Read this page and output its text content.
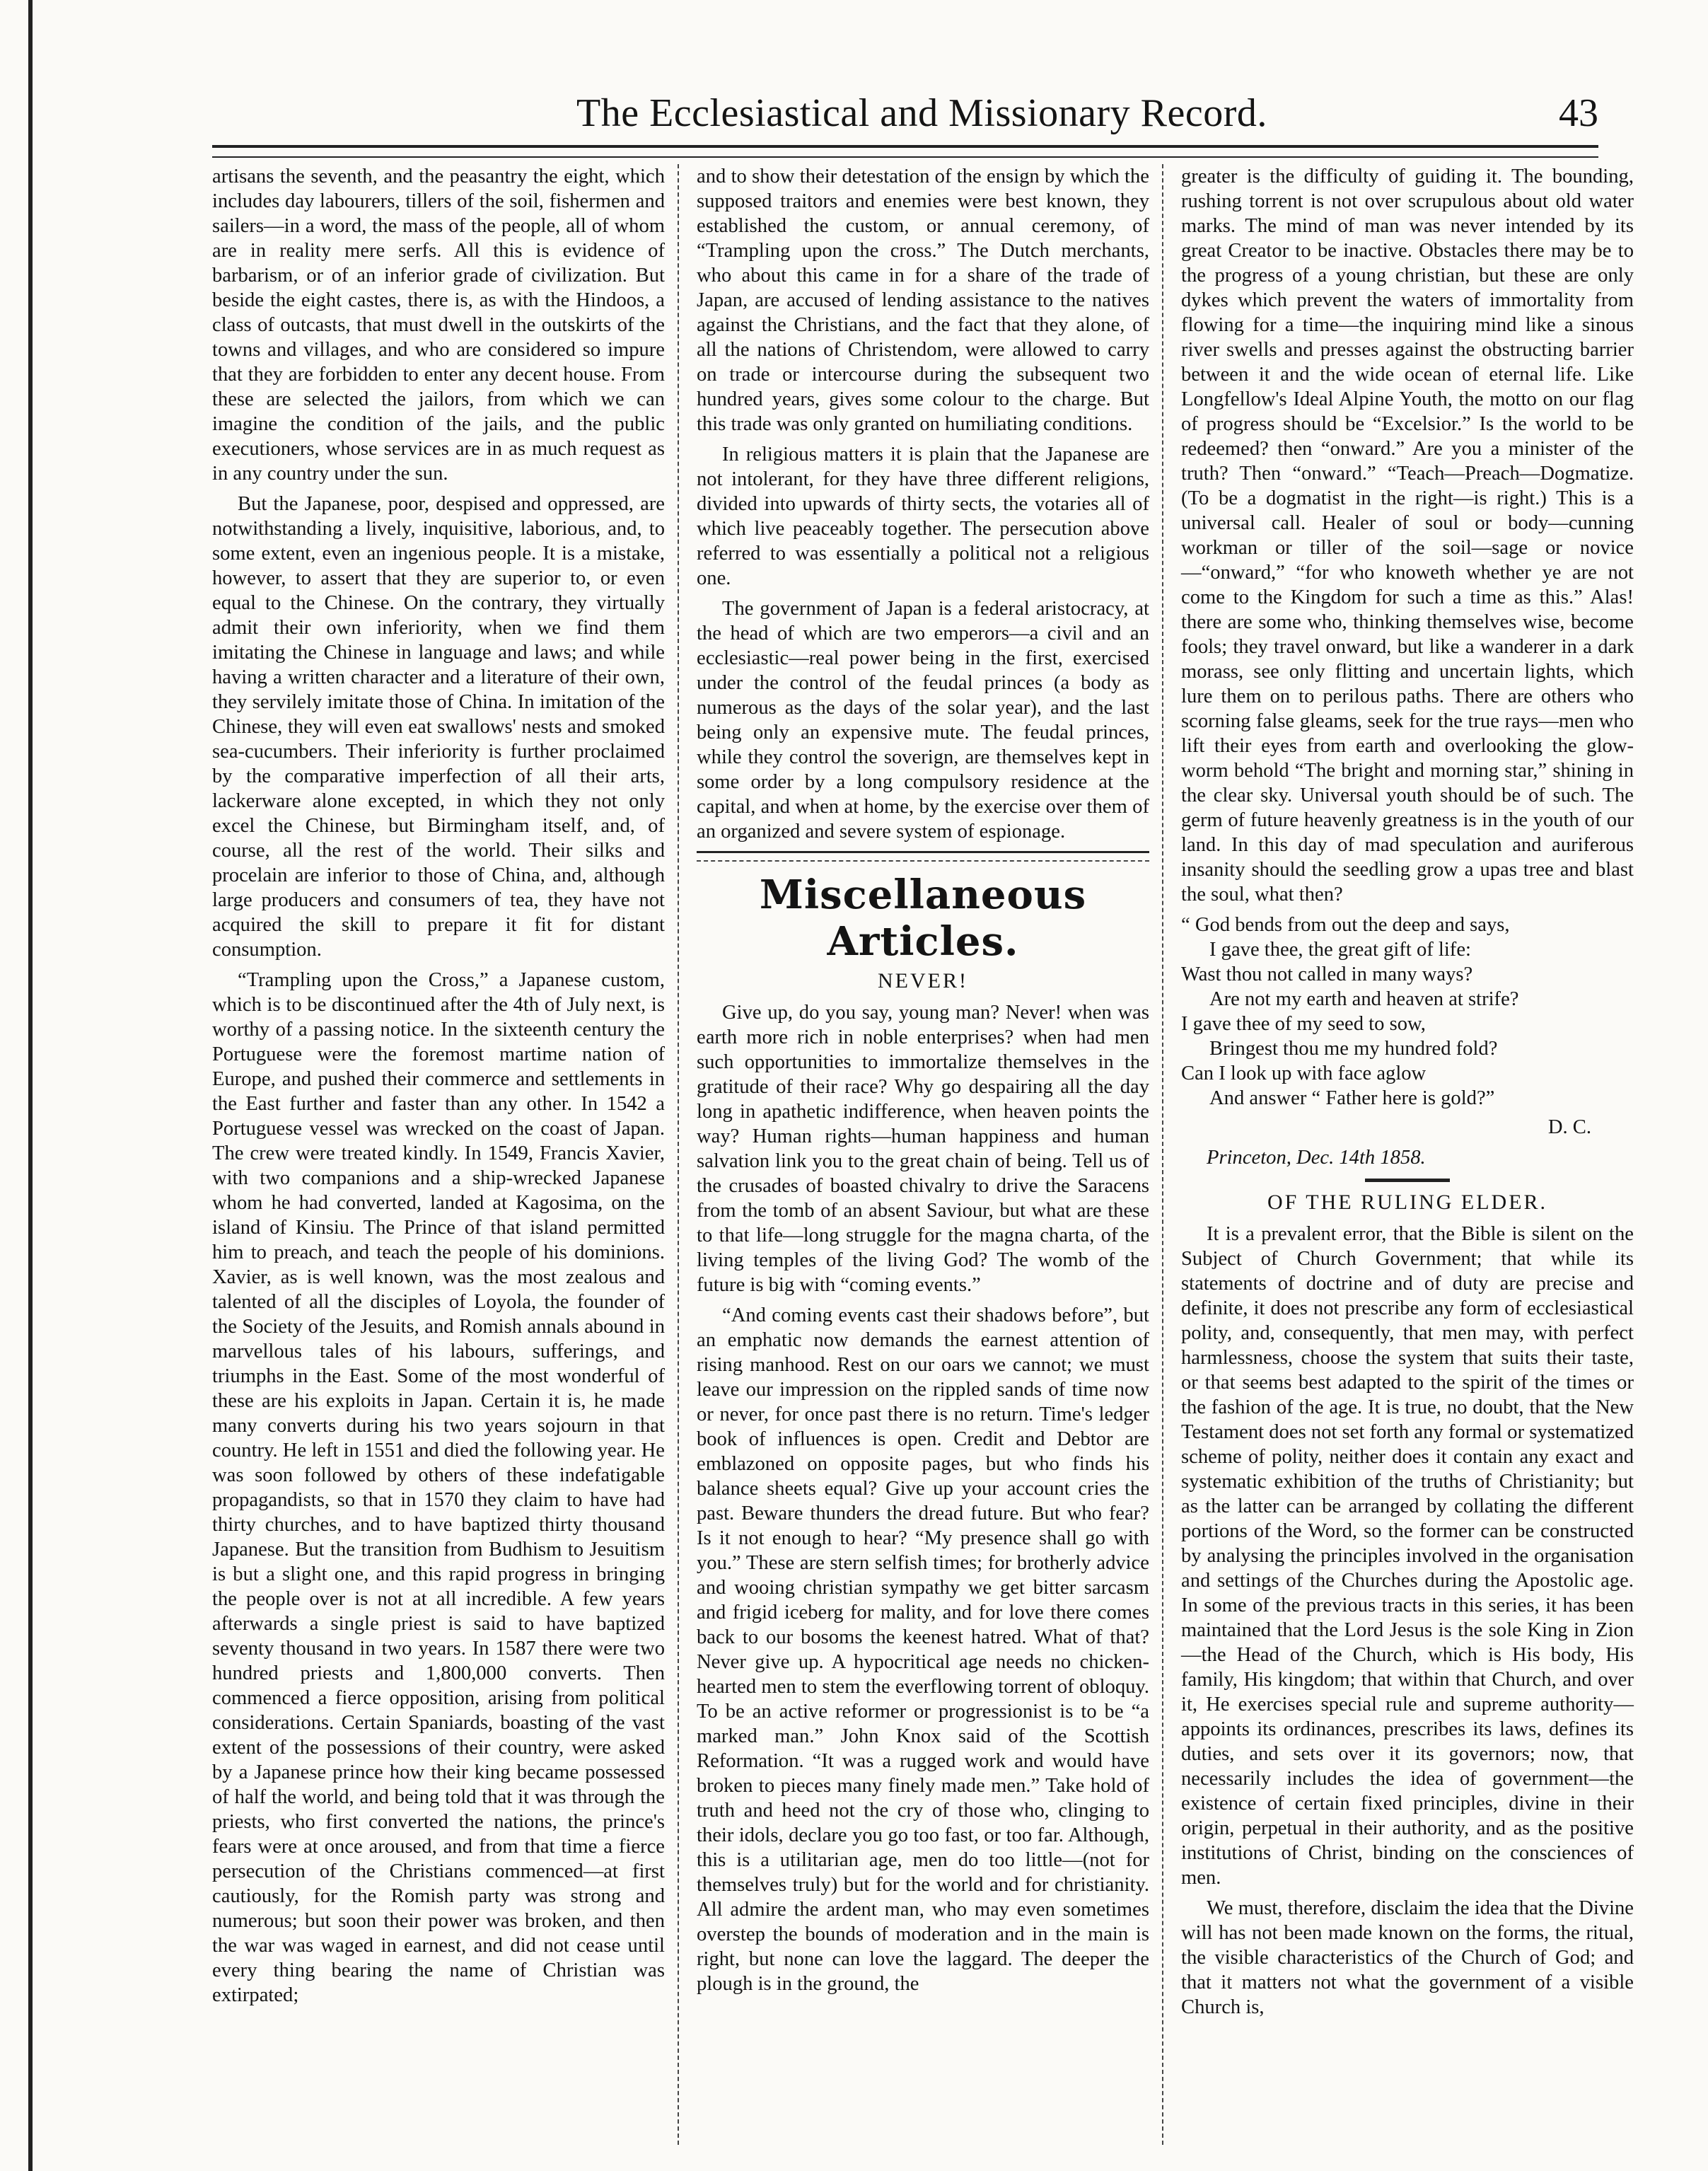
The Ecclesiastical and Missionary Record.	43

artisans the seventh, and the peasantry the eight, which includes day labourers, tillers of the soil, fishermen and sailers—in a word, the mass of the people, all of whom are in reality mere serfs. All this is evidence of barbarism, or of an inferior grade of civilization. But beside the eight castes, there is, as with the Hindoos, a class of outcasts, that must dwell in the outskirts of the towns and villages, and who are considered so impure that they are forbidden to enter any decent house. From these are selected the jailors, from which we can imagine the condition of the jails, and the public executioners, whose services are in as much request as in any country under the sun.

But the Japanese, poor, despised and oppressed, are notwithstanding a lively, inquisitive, laborious, and, to some extent, even an ingenious people. It is a mistake, however, to assert that they are superior to, or even equal to the Chinese. On the contrary, they virtually admit their own inferiority, when we find them imitating the Chinese in language and laws; and while having a written character and a literature of their own, they servilely imitate those of China. In imitation of the Chinese, they will even eat swallows' nests and smoked sea-cucumbers. Their inferiority is further proclaimed by the comparative imperfection of all their arts, lackerware alone excepted, in which they not only excel the Chinese, but Birmingham itself, and, of course, all the rest of the world. Their silks and procelain are inferior to those of China, and, although large producers and consumers of tea, they have not acquired the skill to prepare it fit for distant consumption.

“Trampling upon the Cross,” a Japanese custom, which is to be discontinued after the 4th of July next, is worthy of a passing notice. In the sixteenth century the Portuguese were the foremost martime nation of Europe, and pushed their commerce and settlements in the East further and faster than any other. In 1542 a Portuguese vessel was wrecked on the coast of Japan. The crew were treated kindly. In 1549, Francis Xavier, with two companions and a ship-wrecked Japanese whom he had converted, landed at Kagosima, on the island of Kinsiu. The Prince of that island permitted him to preach, and teach the people of his dominions. Xavier, as is well known, was the most zealous and talented of all the disciples of Loyola, the founder of the Society of the Jesuits, and Romish annals abound in marvellous tales of his labours, sufferings, and triumphs in the East. Some of the most wonderful of these are his exploits in Japan. Certain it is, he made many converts during his two years sojourn in that country. He left in 1551 and died the following year. He was soon followed by others of these indefatigable propagandists, so that in 1570 they claim to have had thirty churches, and to have baptized thirty thousand Japanese. But the transition from Budhism to Jesuitism is but a slight one, and this rapid progress in bringing the people over is not at all incredible. A few years afterwards a single priest is said to have baptized seventy thousand in two years. In 1587 there were two hundred priests and 1,800,000 converts. Then commenced a fierce opposition, arising from political considerations. Certain Spaniards, boasting of the vast extent of the possessions of their country, were asked by a Japanese prince how their king became possessed of half the world, and being told that it was through the priests, who first converted the nations, the prince's fears were at once aroused, and from that time a fierce persecution of the Christians commenced—at first cautiously, for the Romish party was strong and numerous; but soon their power was broken, and then the war was waged in earnest, and did not cease until every thing bearing the name of Christian was extirpated;

and to show their detestation of the ensign by which the supposed traitors and enemies were best known, they established the custom, or annual ceremony, of “Trampling upon the cross.” The Dutch merchants, who about this came in for a share of the trade of Japan, are accused of lending assistance to the natives against the Christians, and the fact that they alone, of all the nations of Christendom, were allowed to carry on trade or intercourse during the subsequent two hundred years, gives some colour to the charge. But this trade was only granted on humiliating conditions.

In religious matters it is plain that the Japanese are not intolerant, for they have three different religions, divided into upwards of thirty sects, the votaries all of which live peaceably together. The persecution above referred to was essentially a political not a religious one.

The government of Japan is a federal aristocracy, at the head of which are two emperors—a civil and an ecclesiastic—real power being in the first, exercised under the control of the feudal princes (a body as numerous as the days of the solar year), and the last being only an expensive mute. The feudal princes, while they control the soverign, are themselves kept in some order by a long compulsory residence at the capital, and when at home, by the exercise over them of an organized and severe system of espionage.

Miscellaneous Articles.
NEVER!

Give up, do you say, young man? Never! when was earth more rich in noble enterprises? when had men such opportunities to immortalize themselves in the gratitude of their race? Why go despairing all the day long in apathetic indifference, when heaven points the way? Human rights—human happiness and human salvation link you to the great chain of being. Tell us of the crusades of boasted chivalry to drive the Saracens from the tomb of an absent Saviour, but what are these to that life—long struggle for the magna charta, of the living temples of the living God? The womb of the future is big with “coming events.”

“And coming events cast their shadows before”, but an emphatic now demands the earnest attention of rising manhood. Rest on our oars we cannot; we must leave our impression on the rippled sands of time now or never, for once past there is no return. Time's ledger book of influences is open. Credit and Debtor are emblazoned on opposite pages, but who finds his balance sheets equal? Give up your account cries the past. Beware thunders the dread future. But who fear? Is it not enough to hear? “My presence shall go with you.” These are stern selfish times; for brotherly advice and wooing christian sympathy we get bitter sarcasm and frigid iceberg for mality, and for love there comes back to our bosoms the keenest hatred. What of that? Never give up. A hypocritical age needs no chicken-hearted men to stem the everflowing torrent of obloquy. To be an active reformer or progressionist is to be “a marked man.” John Knox said of the Scottish Reformation. “It was a rugged work and would have broken to pieces many finely made men.” Take hold of truth and heed not the cry of those who, clinging to their idols, declare you go too fast, or too far. Although, this is a utilitarian age, men do too little—(not for themselves truly) but for the world and for christianity. All admire the ardent man, who may even sometimes overstep the bounds of moderation and in the main is right, but none can love the laggard. The deeper the plough is in the ground, the

greater is the difficulty of guiding it. The bounding, rushing torrent is not over scrupulous about old water marks. The mind of man was never intended by its great Creator to be inactive. Obstacles there may be to the progress of a young christian, but these are only dykes which prevent the waters of immortality from flowing for a time—the inquiring mind like a sinous river swells and presses against the obstructing barrier between it and the wide ocean of eternal life. Like Longfellow's Ideal Alpine Youth, the motto on our flag of progress should be “Excelsior.” Is the world to be redeemed? then “onward.” Are you a minister of the truth? Then “onward.” “Teach—Preach—Dogmatize. (To be a dogmatist in the right—is right.) This is a universal call. Healer of soul or body—cunning workman or tiller of the soil—sage or novice—“onward,” “for who knoweth whether ye are not come to the Kingdom for such a time as this.” Alas! there are some who, thinking themselves wise, become fools; they travel onward, but like a wanderer in a dark morass, see only flitting and uncertain lights, which lure them on to perilous paths. There are others who scorning false gleams, seek for the true rays—men who lift their eyes from earth and overlooking the glow-worm behold “The bright and morning star,” shining in the clear sky. Universal youth should be of such. The germ of future heavenly greatness is in the youth of our land. In this day of mad speculation and auriferous insanity should the seedling grow a upas tree and blast the soul, what then?

“ God bends from out the deep and says,
I gave thee, the great gift of life:
Wast thou not called in many ways?
Are not my earth and heaven at strife?
I gave thee of my seed to sow,
Bringest thou me my hundred fold?
Can I look up with face aglow
And answer “ Father here is gold?”
D. C.
Princeton, Dec. 14th 1858.
OF THE RULING ELDER.

It is a prevalent error, that the Bible is silent on the Subject of Church Government; that while its statements of doctrine and of duty are precise and definite, it does not prescribe any form of ecclesiastical polity, and, consequently, that men may, with perfect harmlessness, choose the system that suits their taste, or that seems best adapted to the spirit of the times or the fashion of the age. It is true, no doubt, that the New Testament does not set forth any formal or systematized scheme of polity, neither does it contain any exact and systematic exhibition of the truths of Christianity; but as the latter can be arranged by collating the different portions of the Word, so the former can be constructed by analysing the principles involved in the organisation and settings of the Churches during the Apostolic age. In some of the previous tracts in this series, it has been maintained that the Lord Jesus is the sole King in Zion—the Head of the Church, which is His body, His family, His kingdom; that within that Church, and over it, He exercises special rule and supreme authority—appoints its ordinances, prescribes its laws, defines its duties, and sets over it its governors; now, that necessarily includes the idea of government—the existence of certain fixed principles, divine in their origin, perpetual in their authority, and as the positive institutions of Christ, binding on the consciences of men.

We must, therefore, disclaim the idea that the Divine will has not been made known on the forms, the ritual, the visible characteristics of the Church of God; and that it matters not what the government of a visible Church is,
